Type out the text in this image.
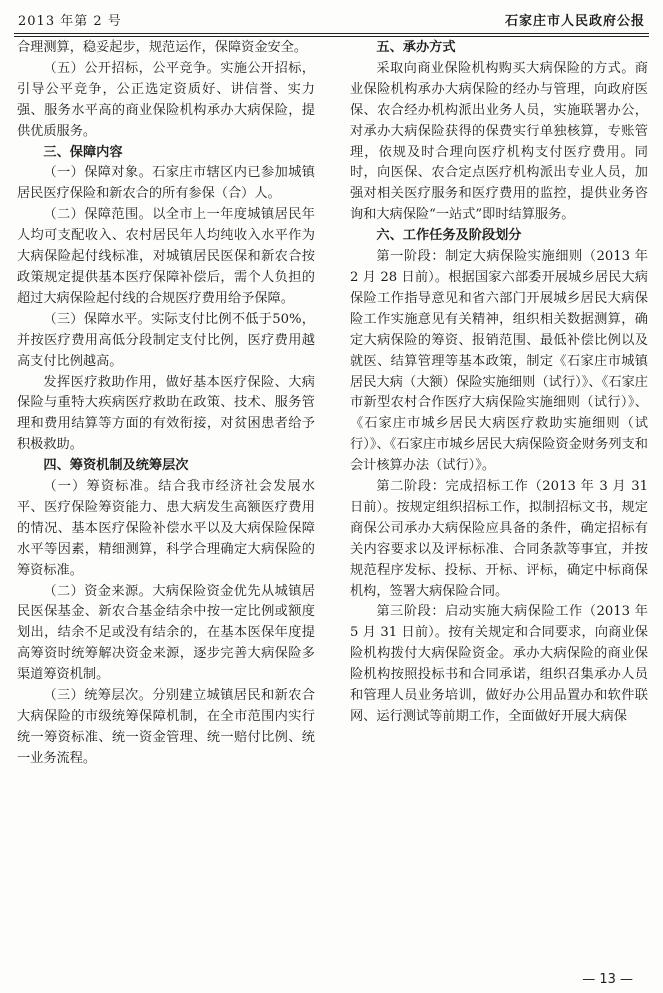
2013 年第 2 号	石家庄市人民政府公报

合理测算，稳妥起步，规范运作，保障资金安全。

（五）公开招标，公平竞争。实施公开招标，引导公平竞争，公正选定资质好、讲信誉、实力强、服务水平高的商业保险机构承办大病保险，提供优质服务。

三、保障内容

（一）保障对象。石家庄市辖区内已参加城镇居民医疗保险和新农合的所有参保（合）人。

（二）保障范围。以全市上一年度城镇居民年人均可支配收入、农村居民年人均纯收入水平作为大病保险起付线标准，对城镇居民医保和新农合按政策规定提供基本医疗保障补偿后，需个人负担的超过大病保险起付线的合规医疗费用给予保障。

（三）保障水平。实际支付比例不低于50%，并按医疗费用高低分段制定支付比例，医疗费用越高支付比例越高。

发挥医疗救助作用，做好基本医疗保险、大病保险与重特大疾病医疗救助在政策、技术、服务管理和费用结算等方面的有效衔接，对贫困患者给予积极救助。

四、筹资机制及统筹层次

（一）筹资标准。结合我市经济社会发展水平、医疗保险筹资能力、患大病发生高额医疗费用的情况、基本医疗保险补偿水平以及大病保险保障水平等因素，精细测算，科学合理确定大病保险的筹资标准。

（二）资金来源。大病保险资金优先从城镇居民医保基金、新农合基金结余中按一定比例或额度划出，结余不足或没有结余的，在基本医保年度提高筹资时统筹解决资金来源，逐步完善大病保险多渠道筹资机制。

（三）统筹层次。分别建立城镇居民和新农合大病保险的市级统筹保障机制，在全市范围内实行统一筹资标准、统一资金管理、统一赔付比例、统一业务流程。

五、承办方式

采取向商业保险机构购买大病保险的方式。商业保险机构承办大病保险的经办与管理，向政府医保、农合经办机构派出业务人员，实施联署办公，对承办大病保险获得的保费实行单独核算，专账管理，依规及时合理向医疗机构支付医疗费用。同时，向医保、农合定点医疗机构派出专业人员，加强对相关医疗服务和医疗费用的监控，提供业务咨询和大病保险“一站式”即时结算服务。

六、工作任务及阶段划分

第一阶段：制定大病保险实施细则（2013 年 2 月 28 日前）。根据国家六部委开展城乡居民大病保险工作指导意见和省六部门开展城乡居民大病保险工作实施意见有关精神，组织相关数据测算，确定大病保险的筹资、报销范围、最低补偿比例以及就医、结算管理等基本政策，制定《石家庄市城镇居民大病（大额）保险实施细则（试行）》、《石家庄市新型农村合作医疗大病保险实施细则（试行）》、《石家庄市城乡居民大病医疗救助实施细则（试行）》、《石家庄市城乡居民大病保险资金财务列支和会计核算办法（试行）》。

第二阶段：完成招标工作（2013 年 3 月 31 日前）。按规定组织招标工作，拟制招标文书，规定商保公司承办大病保险应具备的条件，确定招标有关内容要求以及评标标准、合同条款等事宜，并按规范程序发标、投标、开标、评标，确定中标商保机构，签署大病保险合同。

第三阶段：启动实施大病保险工作（2013 年 5 月 31 日前）。按有关规定和合同要求，向商业保险机构拨付大病保险资金。承办大病保险的商业保险机构按照投标书和合同承诺，组织召集承办人员和管理人员业务培训，做好办公用品置办和软件联网、运行测试等前期工作，全面做好开展大病保

— 13 —
